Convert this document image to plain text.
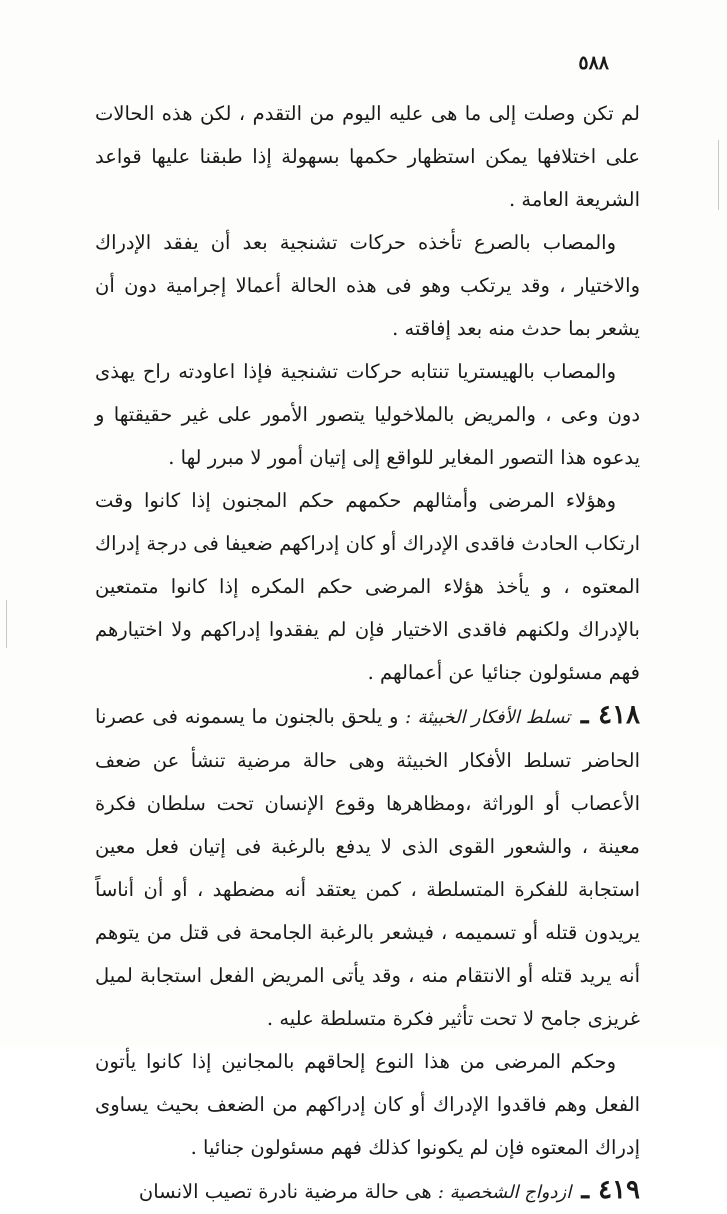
٥٨٨

لم تكن وصلت إلى ما هى عليه اليوم من التقدم ، لكن هذه الحالات على اختلافها يمكن استظهار حكمها بسهولة إذا طبقنا عليها قواعد الشريعة العامة .

والمصاب بالصرع تأخذه حركات تشنجية بعد أن يفقد الإدراك والاختيار ، وقد يرتكب وهو فى هذه الحالة أعمالا إجرامية دون أن يشعر بما حدث منه بعد إفاقته .

والمصاب بالهيستريا تنتابه حركات تشنجية فإذا اعاودته راح يهذى دون وعى ، والمريض بالملاخوليا يتصور الأمور على غير حقيقتها و يدعوه هذا التصور المغاير للواقع إلى إتيان أمور لا مبرر لها .

وهؤلاء المرضى وأمثالهم حكمهم حكم المجنون إذا كانوا وقت ارتكاب الحادث فاقدى الإدراك أو كان إدراكهم ضعيفا فى درجة إدراك المعتوه ، و يأخذ هؤلاء المرضى حكم المكره إذا كانوا متمتعين بالإدراك ولكنهم فاقدى الاختيار فإن لم يفقدوا إدراكهم ولا اختيارهم فهم مسئولون جنائيا عن أعمالهم .

٤١٨ ـ تسلط الأفكار الخبيثة : و يلحق بالجنون ما يسمونه فى عصرنا الحاضر تسلط الأفكار الخبيثة وهى حالة مرضية تنشأ عن ضعف الأعصاب أو الوراثة ،ومظاهرها وقوع الإنسان تحت سلطان فكرة معينة ، والشعور القوى الذى لا يدفع بالرغبة فى إتيان فعل معين استجابة للفكرة المتسلطة ، كمن يعتقد أنه مضطهد ، أو أن أناساً يريدون قتله أو تسميمه ، فيشعر بالرغبة الجامحة فى قتل من يتوهم أنه يريد قتله أو الانتقام منه ، وقد يأتى المريض الفعل استجابة لميل غريزى جامح لا تحت تأثير فكرة متسلطة عليه .

وحكم المرضى من هذا النوع إلحاقهم بالمجانين إذا كانوا يأتون الفعل وهم فاقدوا الإدراك أو كان إدراكهم من الضعف بحيث يساوى إدراك المعتوه فإن لم يكونوا كذلك فهم مسئولون جنائيا .

٤١٩ ـ ازدواج الشخصية : هى حالة مرضية نادرة تصيب الانسان
